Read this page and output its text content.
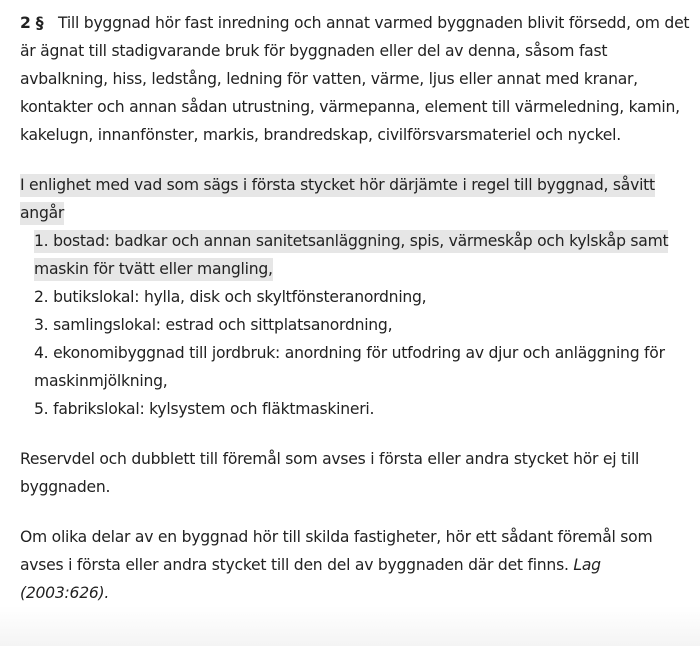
2 § Till byggnad hör fast inredning och annat varmed byggnaden blivit försedd, om det är ägnat till stadigvarande bruk för byggnaden eller del av denna, såsom fast avbalkning, hiss, ledstång, ledning för vatten, värme, ljus eller annat med kranar, kontakter och annan sådan utrustning, värmepanna, element till värmeledning, kamin, kakelugn, innanfönster, markis, brandredskap, civilförsvarsmateriel och nyckel.

I enlighet med vad som sägs i första stycket hör därjämte i regel till byggnad, såvitt angår
1. bostad: badkar och annan sanitetsanläggning, spis, värmeskåp och kylskåp samt maskin för tvätt eller mangling,
2. butikslokal: hylla, disk och skyltfönsteranordning,
3. samlingslokal: estrad och sittplatsanordning,
4. ekonomibyggnad till jordbruk: anordning för utfodring av djur och anläggning för maskinmjölkning,
5. fabrikslokal: kylsystem och fläktmaskineri.

Reservdel och dubblett till föremål som avses i första eller andra stycket hör ej till byggnaden.

Om olika delar av en byggnad hör till skilda fastigheter, hör ett sådant föremål som avses i första eller andra stycket till den del av byggnaden där det finns. Lag (2003:626).
